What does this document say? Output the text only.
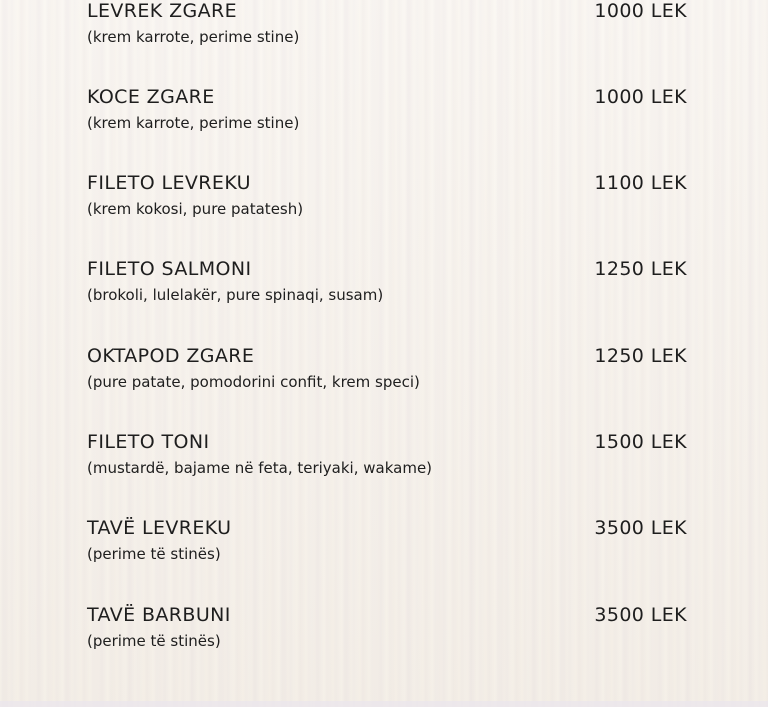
LEVREK ZGARE	1000 LEK
(krem karrote, perime stine)
KOCE ZGARE	1000 LEK
(krem karrote, perime stine)
FILETO LEVREKU	1100 LEK
(krem kokosi, pure patatesh)
FILETO SALMONI	1250 LEK
(brokoli, lulelakër, pure spinaqi, susam)
OKTAPOD ZGARE	1250 LEK
(pure patate, pomodorini confit, krem speci)
FILETO TONI	1500 LEK
(mustardë, bajame në feta, teriyaki, wakame)
TAVË LEVREKU	3500 LEK
(perime të stinës)
TAVË BARBUNI	3500 LEK
(perime të stinës)
